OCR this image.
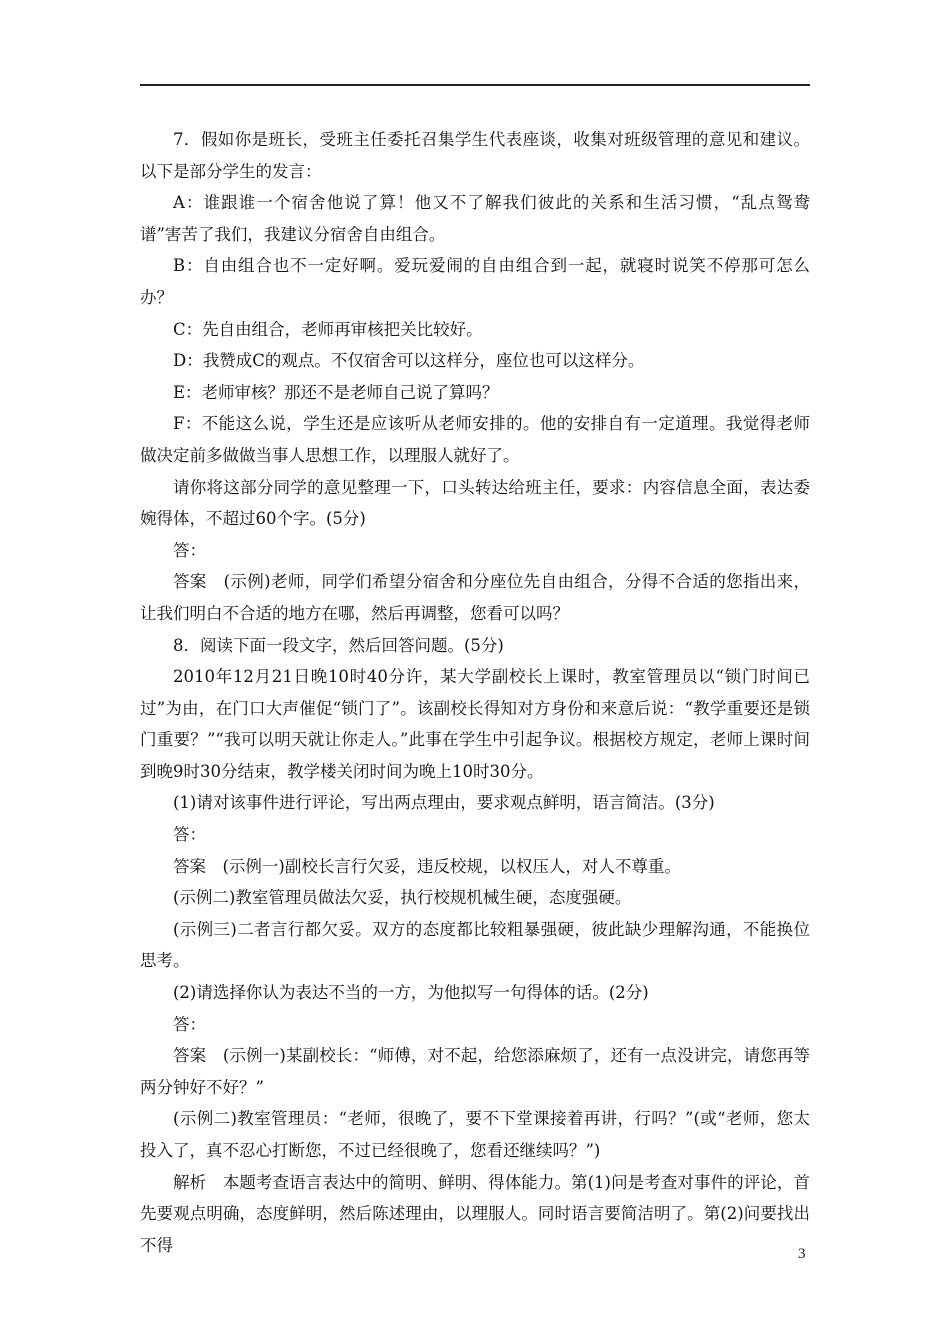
7．假如你是班长，受班主任委托召集学生代表座谈，收集对班级管理的意见和建议。以下是部分学生的发言：

A：谁跟谁一个宿舍他说了算！他又不了解我们彼此的关系和生活习惯，“乱点鸳鸯谱”害苦了我们，我建议分宿舍自由组合。

B：自由组合也不一定好啊。爱玩爱闹的自由组合到一起，就寝时说笑不停那可怎么办？

C：先自由组合，老师再审核把关比较好。

D：我赞成C的观点。不仅宿舍可以这样分，座位也可以这样分。

E：老师审核？那还不是老师自己说了算吗？

F：不能这么说，学生还是应该听从老师安排的。他的安排自有一定道理。我觉得老师做决定前多做做当事人思想工作，以理服人就好了。

请你将这部分同学的意见整理一下，口头转达给班主任，要求：内容信息全面，表达委婉得体，不超过60个字。(5分)

答：

答案　(示例)老师，同学们希望分宿舍和分座位先自由组合，分得不合适的您指出来，让我们明白不合适的地方在哪，然后再调整，您看可以吗？

8．阅读下面一段文字，然后回答问题。(5分)

2010年12月21日晚10时40分许，某大学副校长上课时，教室管理员以“锁门时间已过”为由，在门口大声催促“锁门了”。该副校长得知对方身份和来意后说：“教学重要还是锁门重要？”“我可以明天就让你走人。”此事在学生中引起争议。根据校方规定，老师上课时间到晚9时30分结束，教学楼关闭时间为晚上10时30分。

(1)请对该事件进行评论，写出两点理由，要求观点鲜明，语言简洁。(3分)

答：

答案　(示例一)副校长言行欠妥，违反校规，以权压人，对人不尊重。

(示例二)教室管理员做法欠妥，执行校规机械生硬，态度强硬。

(示例三)二者言行都欠妥。双方的态度都比较粗暴强硬，彼此缺少理解沟通，不能换位思考。

(2)请选择你认为表达不当的一方，为他拟写一句得体的话。(2分)

答：

答案　(示例一)某副校长：“师傅，对不起，给您添麻烦了，还有一点没讲完，请您再等两分钟好不好？”

(示例二)教室管理员：“老师，很晚了，要不下堂课接着再讲，行吗？”(或“老师，您太投入了，真不忍心打断您，不过已经很晚了，您看还继续吗？”)

解析　本题考查语言表达中的简明、鲜明、得体能力。第(1)问是考查对事件的评论，首先要观点明确，态度鲜明，然后陈述理由，以理服人。同时语言要简洁明了。第(2)问要找出不得	3
